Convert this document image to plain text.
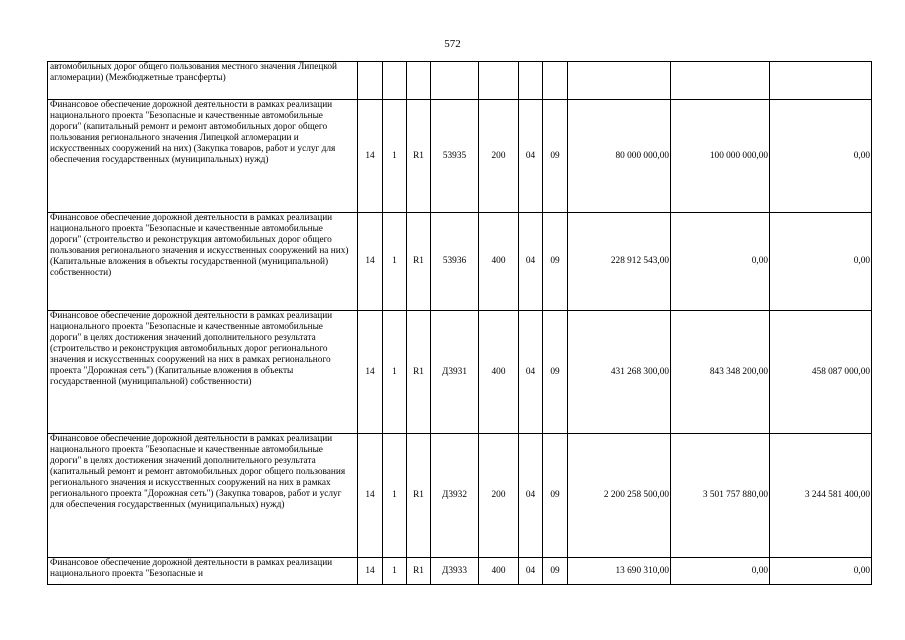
572
автомобильных дорог общего пользования местного значения Липецкой агломерации) (Межбюджетные трансферты)										
Финансовое обеспечение дорожной деятельности в рамках реализации национального проекта "Безопасные и качественные автомобильные дороги" (капитальный ремонт и ремонт автомобильных дорог общего пользования регионального значения Липецкой агломерации и искусственных сооружений на них) (Закупка товаров, работ и услуг для обеспечения государственных (муниципальных) нужд)	14	1	R1	53935	200	04	09	80 000 000,00	100 000 000,00	0,00
Финансовое обеспечение дорожной деятельности в рамках реализации национального проекта "Безопасные и качественные автомобильные дороги" (строительство и реконструкция автомобильных дорог общего пользования регионального значения и искусственных сооружений на них) (Капитальные вложения в объекты государственной (муниципальной) собственности)	14	1	R1	53936	400	04	09	228 912 543,00	0,00	0,00
Финансовое обеспечение дорожной деятельности в рамках реализации национального проекта "Безопасные и качественные автомобильные дороги" в целях достижения значений дополнительного результата (строительство и реконструкция автомобильных дорог регионального значения и искусственных сооружений на них в рамках регионального проекта "Дорожная сеть") (Капитальные вложения в объекты государственной (муниципальной) собственности)	14	1	R1	Д3931	400	04	09	431 268 300,00	843 348 200,00	458 087 000,00
Финансовое обеспечение дорожной деятельности в рамках реализации национального проекта "Безопасные и качественные автомобильные дороги" в целях достижения значений дополнительного результата (капитальный ремонт и ремонт автомобильных дорог общего пользования регионального значения и искусственных сооружений на них в рамках регионального проекта "Дорожная сеть") (Закупка товаров, работ и услуг для обеспечения государственных (муниципальных) нужд)	14	1	R1	Д3932	200	04	09	2 200 258 500,00	3 501 757 880,00	3 244 581 400,00
Финансовое обеспечение дорожной деятельности в рамках реализации национального проекта "Безопасные и	14	1	R1	Д3933	400	04	09	13 690 310,00	0,00	0,00
